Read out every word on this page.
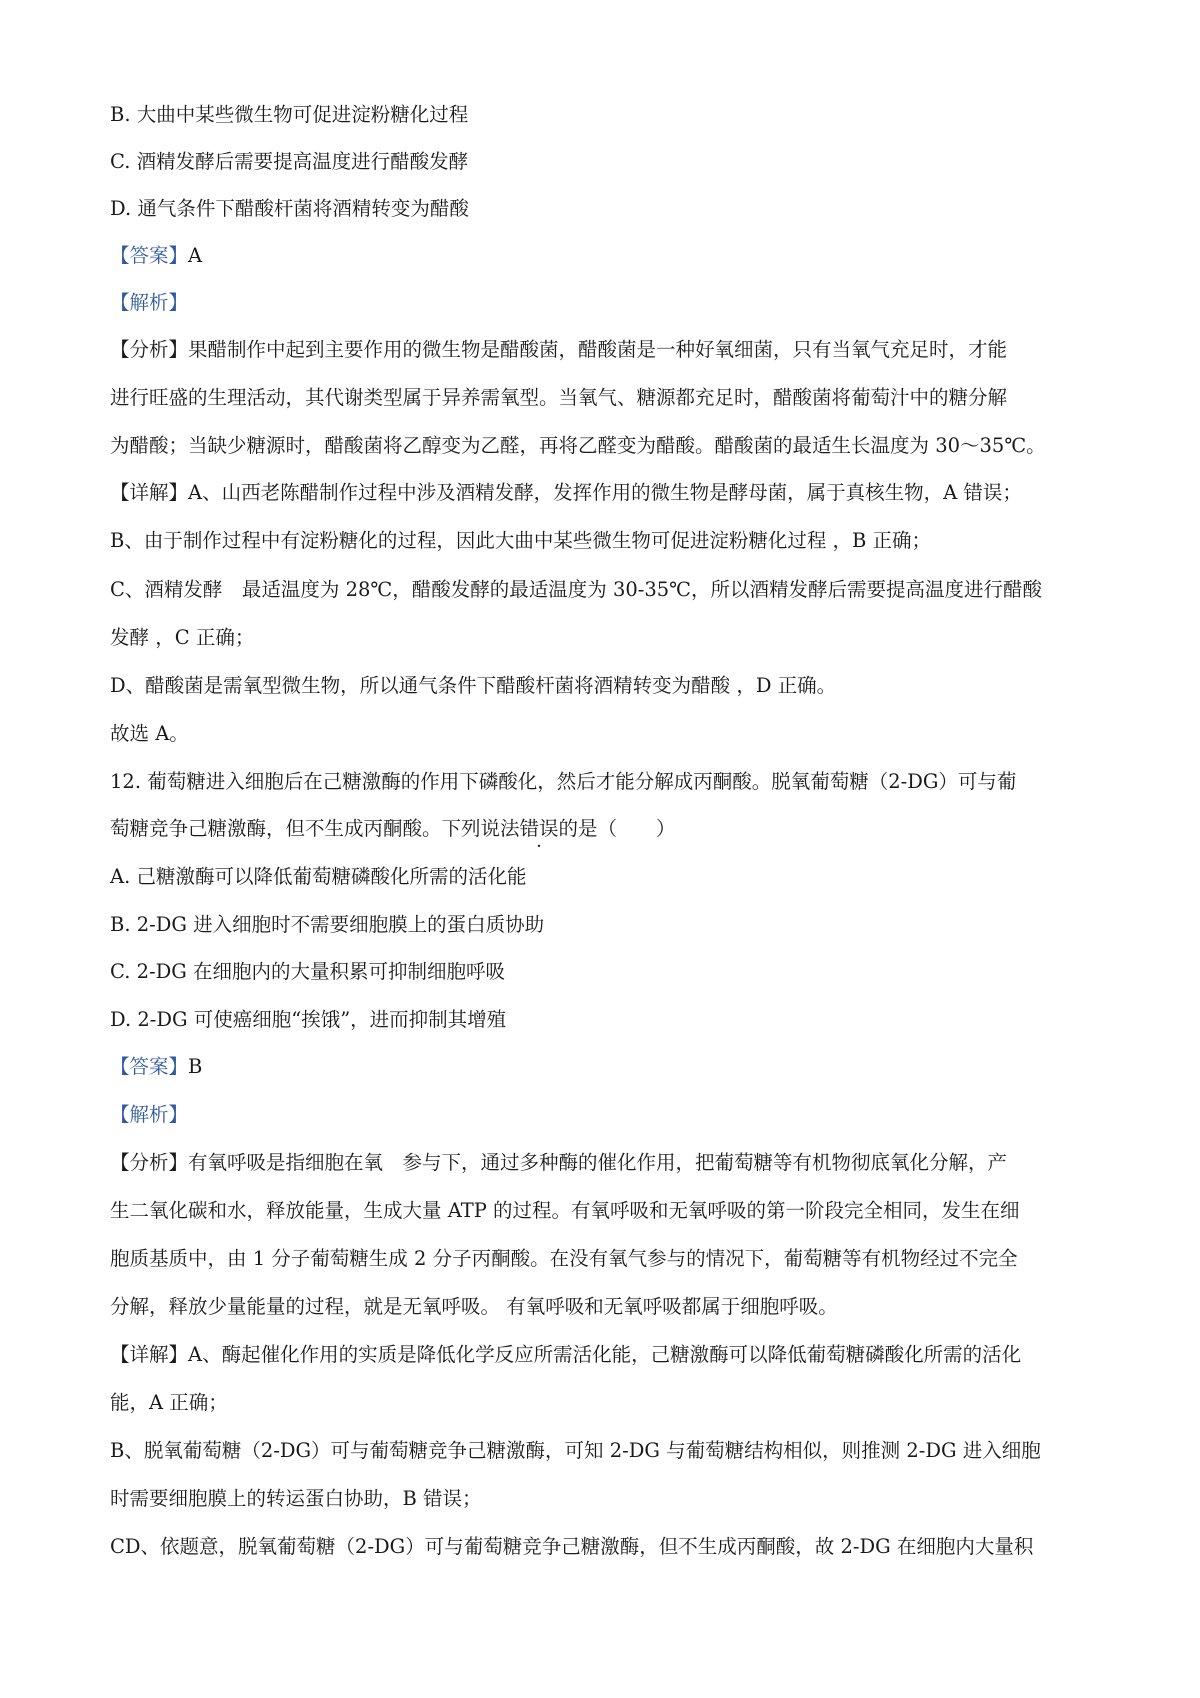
B. 大曲中某些微生物可促进淀粉糖化过程
C. 酒精发酵后需要提高温度进行醋酸发酵
D. 通气条件下醋酸杆菌将酒精转变为醋酸
【答案】A
【解析】
【分析】果醋制作中起到主要作用的微生物是醋酸菌，醋酸菌是一种好氧细菌，只有当氧气充足时，才能
进行旺盛的生理活动，其代谢类型属于异养需氧型。当氧气、糖源都充足时，醋酸菌将葡萄汁中的糖分解
为醋酸；当缺少糖源时，醋酸菌将乙醇变为乙醛，再将乙醛变为醋酸。醋酸菌的最适生长温度为 30～35℃。
【详解】A、山西老陈醋制作过程中涉及酒精发酵，发挥作用的微生物是酵母菌，属于真核生物，A 错误；
B、由于制作过程中有淀粉糖化的过程，因此大曲中某些微生物可促进淀粉糖化过程 ，B 正确；
C、酒精发酵　最适温度为 28℃，醋酸发酵的最适温度为 30-35℃，所以酒精发酵后需要提高温度进行醋酸
发酵 ，C 正确；
D、醋酸菌是需氧型微生物，所以通气条件下醋酸杆菌将酒精转变为醋酸 ，D 正确。
故选 A。
12. 葡萄糖进入细胞后在己糖激酶的作用下磷酸化，然后才能分解成丙酮酸。脱氧葡萄糖（2-DG）可与葡
萄糖竞争己糖激酶，但不生成丙酮酸。下列说法错误的是（　　）
A. 己糖激酶可以降低葡萄糖磷酸化所需的活化能
B. 2-DG 进入细胞时不需要细胞膜上的蛋白质协助
C. 2-DG 在细胞内的大量积累可抑制细胞呼吸
D. 2-DG 可使癌细胞“挨饿”，进而抑制其增殖
【答案】B
【解析】
【分析】有氧呼吸是指细胞在氧　参与下，通过多种酶的催化作用，把葡萄糖等有机物彻底氧化分解，产
生二氧化碳和水，释放能量，生成大量 ATP 的过程。有氧呼吸和无氧呼吸的第一阶段完全相同，发生在细
胞质基质中，由 1 分子葡萄糖生成 2 分子丙酮酸。在没有氧气参与的情况下，葡萄糖等有机物经过不完全
分解，释放少量能量的过程，就是无氧呼吸。 有氧呼吸和无氧呼吸都属于细胞呼吸。
【详解】A、酶起催化作用的实质是降低化学反应所需活化能，己糖激酶可以降低葡萄糖磷酸化所需的活化
能，A 正确；
B、脱氧葡萄糖（2-DG）可与葡萄糖竞争己糖激酶，可知 2-DG 与葡萄糖结构相似，则推测 2-DG 进入细胞
时需要细胞膜上的转运蛋白协助，B 错误；
CD、依题意，脱氧葡萄糖（2-DG）可与葡萄糖竞争己糖激酶，但不生成丙酮酸，故 2-DG 在细胞内大量积
